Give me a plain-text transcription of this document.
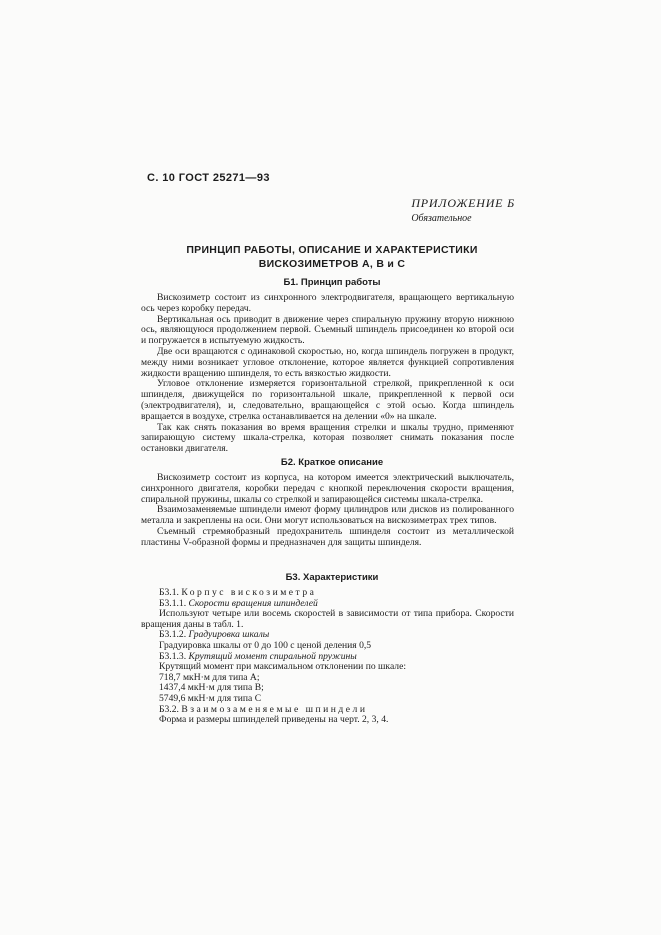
С. 10 ГОСТ 25271—93
ПРИЛОЖЕНИЕ Б
Обязательное
ПРИНЦИП РАБОТЫ, ОПИСАНИЕ И ХАРАКТЕРИСТИКИ
ВИСКОЗИМЕТРОВ А, В и С
Б1. Принцип работы

Вискозиметр состоит из синхронного электродвигателя, вращающего вертикальную ось через коробку передач.

Вертикальная ось приводит в движение через спиральную пружину вторую нижнюю ось, являющуюся продолжением первой. Съемный шпиндель присоединен ко второй оси и погружается в испытуемую жидкость.

Две оси вращаются с одинаковой скоростью, но, когда шпиндель погружен в продукт, между ними возникает угловое отклонение, которое является функцией сопротивления жидкости вращению шпинделя, то есть вязкостью жидкости.

Угловое отклонение измеряется горизонтальной стрелкой, прикрепленной к оси шпинделя, движущейся по горизонтальной шкале, прикрепленной к первой оси (электродвигателя), и, следовательно, вращающейся с этой осью. Когда шпиндель вращается в воздухе, стрелка останавливается на делении «0» на шкале.

Так как снять показания во время вращения стрелки и шкалы трудно, применяют запирающую систему шкала-стрелка, которая позволяет снимать показания после остановки двигателя.

Б2. Краткое описание

Вискозиметр состоит из корпуса, на котором имеется электрический выключатель, синхронного двигателя, коробки передач с кнопкой переключения скорости вращения, спиральной пружины, шкалы со стрелкой и запирающейся системы шкала-стрелка.

Взаимозаменяемые шпиндели имеют форму цилиндров или дисков из полированного металла и закреплены на оси. Они могут использоваться на вискозиметрах трех типов.

Съемный стремяобразный предохранитель шпинделя состоит из металлической пластины V-образной формы и предназначен для защиты шпинделя.

Б3. Характеристики
Б3.1. Корпус вискозиметра
Б3.1.1. Скорости вращения шпинделей
Используют четыре или восемь скоростей в зависимости от типа прибора. Скорости вращения даны в табл. 1.
Б3.1.2. Градуировка шкалы
Градуировка шкалы от 0 до 100 с ценой деления 0,5
Б3.1.3. Крутящий момент спиральной пружины
Крутящий момент при максимальном отклонении по шкале:
718,7 мкН·м для типа А;
1437,4 мкН·м для типа В;
5749,6 мкН·м для типа С
Б3.2. Взаимозаменяемые шпиндели
Форма и размеры шпинделей приведены на черт. 2, 3, 4.
